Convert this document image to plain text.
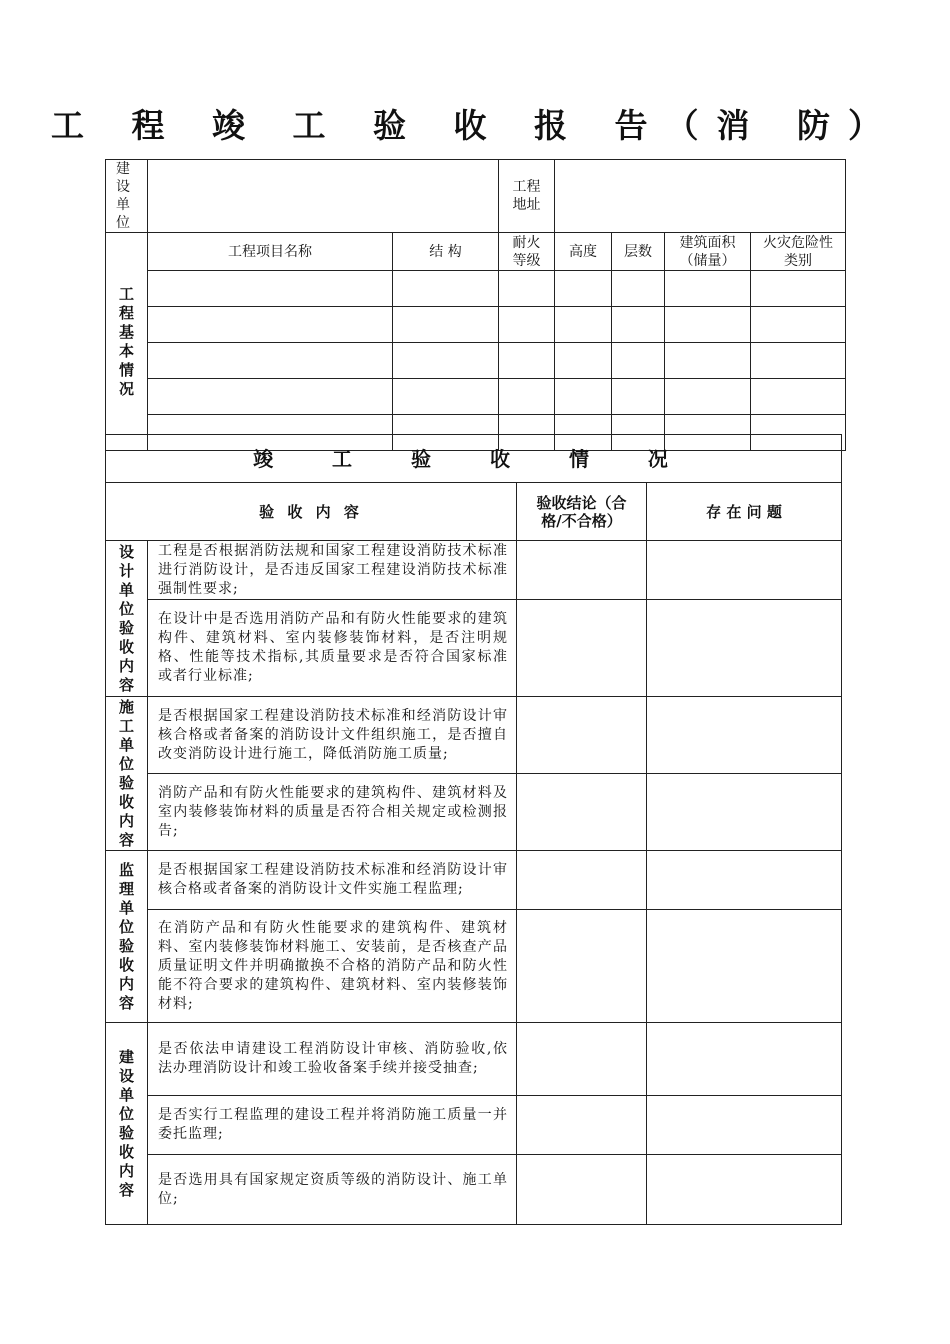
工 程 竣 工 验 收 报 告（消 防）
建设单位			工程地址				

工程基本情况	工程项目名称	结 构	耐火等级	高度	层数	建筑面积（储量）	火灾危险性类别

竣 工 验 收 情 况			
验 收 内 容		验收结论（合格/不合格）	存 在 问 题

设计单位验收内容	工程是否根据消防法规和国家工程建设消防技术标准进行消防设计，是否违反国家工程建设消防技术标准强制性要求;		
	在设计中是否选用消防产品和有防火性能要求的建筑构件、建筑材料、室内装修装饰材料，是否注明规格、性能等技术指标,其质量要求是否符合国家标准或者行业标准;		

施工单位验收内容	是否根据国家工程建设消防技术标准和经消防设计审核合格或者备案的消防设计文件组织施工，是否擅自改变消防设计进行施工，降低消防施工质量;		
	消防产品和有防火性能要求的建筑构件、建筑材料及室内装修装饰材料的质量是否符合相关规定或检测报告;		

监理单位验收内容	是否根据国家工程建设消防技术标准和经消防设计审核合格或者备案的消防设计文件实施工程监理;		
	在消防产品和有防火性能要求的建筑构件、建筑材料、室内装修装饰材料施工、安装前，是否核查产品质量证明文件并明确撤换不合格的消防产品和防火性能不符合要求的建筑构件、建筑材料、室内装修装饰材料;		

建设单位验收内容	是否依法申请建设工程消防设计审核、消防验收,依法办理消防设计和竣工验收备案手续并接受抽查;		
	是否实行工程监理的建设工程并将消防施工质量一并委托监理;		
	是否选用具有国家规定资质等级的消防设计、施工单位;		
